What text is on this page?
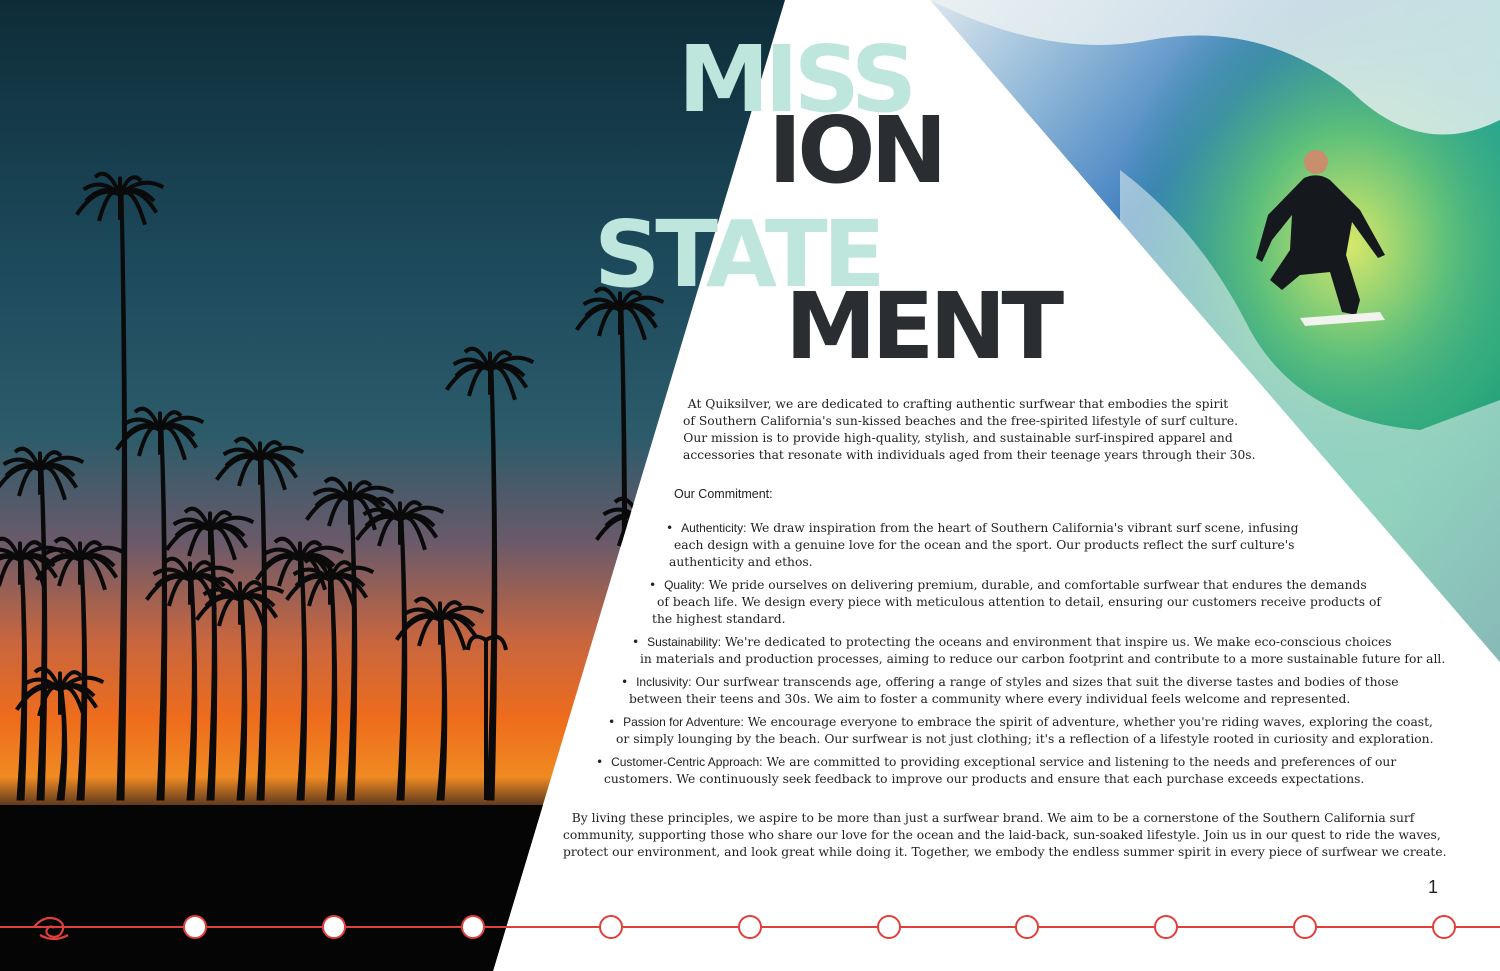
MISS
ION
STATE
MENT
At Quiksilver, we are dedicated to crafting authentic surfwear that embodies the spirit
of Southern California's sun-kissed beaches and the free-spirited lifestyle of surf culture.
Our mission is to provide high-quality, stylish, and sustainable surf-inspired apparel and
accessories that resonate with individuals aged from their teenage years through their 30s.
Our Commitment:
•  Authenticity: We draw inspiration from the heart of Southern California's vibrant surf scene, infusing
each design with a genuine love for the ocean and the sport. Our products reflect the surf culture's
authenticity and ethos.
•  Quality: We pride ourselves on delivering premium, durable, and comfortable surfwear that endures the demands
of beach life. We design every piece with meticulous attention to detail, ensuring our customers receive products of
the highest standard.
•  Sustainability: We're dedicated to protecting the oceans and environment that inspire us. We make eco-conscious choices
in materials and production processes, aiming to reduce our carbon footprint and contribute to a more sustainable future for all.
•  Inclusivity: Our surfwear transcends age, offering a range of styles and sizes that suit the diverse tastes and bodies of those
between their teens and 30s. We aim to foster a community where every individual feels welcome and represented.
•  Passion for Adventure: We encourage everyone to embrace the spirit of adventure, whether you're riding waves, exploring the coast,
or simply lounging by the beach. Our surfwear is not just clothing; it's a reflection of a lifestyle rooted in curiosity and exploration.
•  Customer-Centric Approach: We are committed to providing exceptional service and listening to the needs and preferences of our
customers. We continuously seek feedback to improve our products and ensure that each purchase exceeds expectations.
By living these principles, we aspire to be more than just a surfwear brand. We aim to be a cornerstone of the Southern California surf
community, supporting those who share our love for the ocean and the laid-back, sun-soaked lifestyle. Join us in our quest to ride the waves,
protect our environment, and look great while doing it. Together, we embody the endless summer spirit in every piece of surfwear we create.
1
